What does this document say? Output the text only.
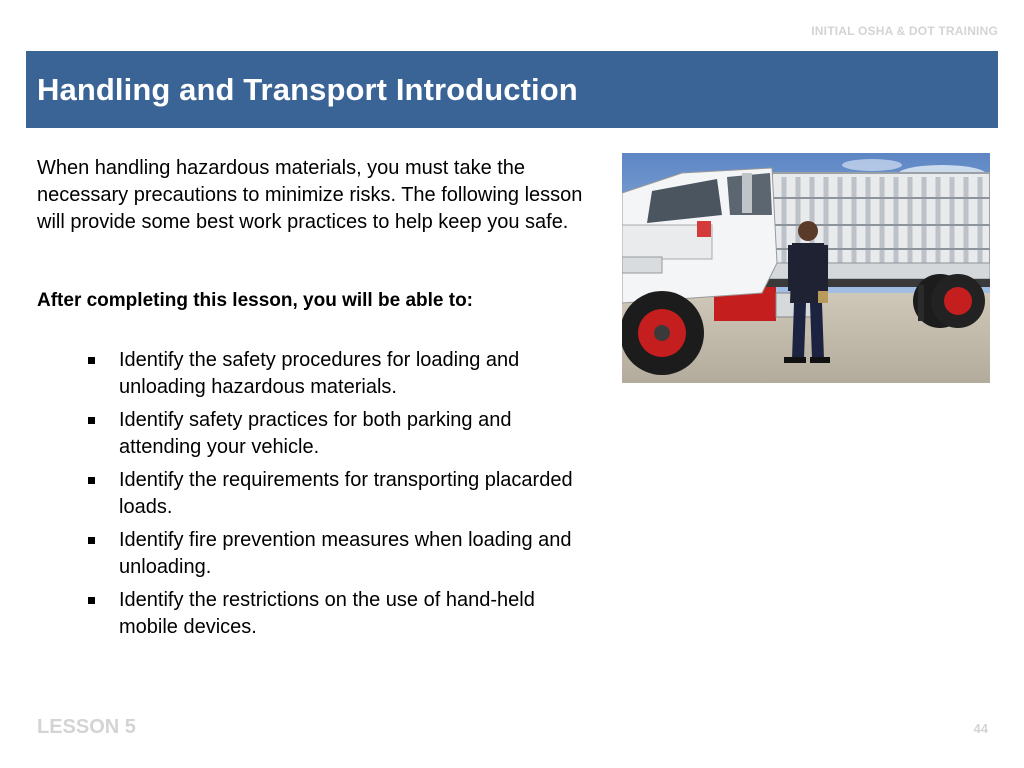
INITIAL OSHA & DOT TRAINING
Handling and Transport Introduction

When handling hazardous materials, you must take the necessary precautions to minimize risks. The following lesson will provide some best work practices to help keep you safe.

After completing this lesson, you will be able to:

Identify the safety procedures for loading and unloading hazardous materials.
Identify safety practices for both parking and attending your vehicle.
Identify the requirements for transporting placarded loads.
Identify fire prevention measures when loading and unloading.
Identify the restrictions on the use of hand-held mobile devices.
LESSON 5	44
